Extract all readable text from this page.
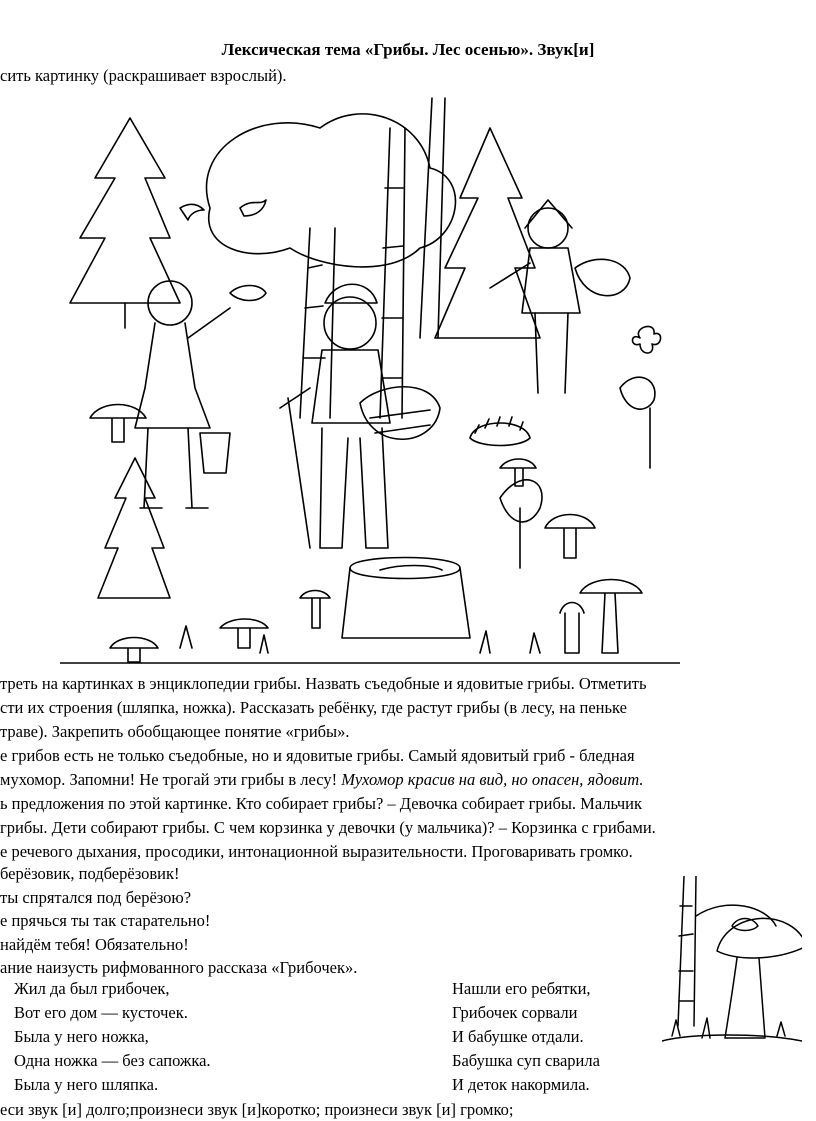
Лексическая тема «Грибы. Лес осенью». Звук[и]
сить картинку (раскрашивает взрослый).
треть на картинках в энциклопедии грибы. Назвать съедобные и ядовитые грибы. Отметить
сти их строения (шляпка, ножка). Рассказать ребёнку, где растут грибы (в лесу, на пеньке
траве). Закрепить обобщающее понятие «грибы».
е грибов есть не только съедобные, но и ядовитые грибы. Самый ядовитый гриб - бледная
мухомор. Запомни! Не трогай эти грибы в лесу! Мухомор красив на вид, но опасен, ядовит.
ь предложения по этой картинке. Кто собирает грибы? – Девочка собирает грибы. Мальчик
грибы. Дети собирают грибы. С чем корзинка у девочки (у мальчика)? – Корзинка с грибами.
е речевого дыхания, просодики, интонационной выразительности. Проговаривать громко.
берёзовик, подберёзовик!
ты спрятался под берёзою?
е прячься ты так старательно!
найдём тебя! Обязательно!
ание наизусть рифмованного рассказа «Грибочек».
Жил да был грибочек,
Вот его дом — кусточек.
Была у него ножка,
Одна ножка — без сапожка.
Была у него шляпка.
Нашли его ребятки,
Грибочек сорвали
И бабушке отдали.
Бабушка суп сварила
И деток накормила.
еси звук [и] долго;произнеси звук [и]коротко; произнеси звук [и] громко;
